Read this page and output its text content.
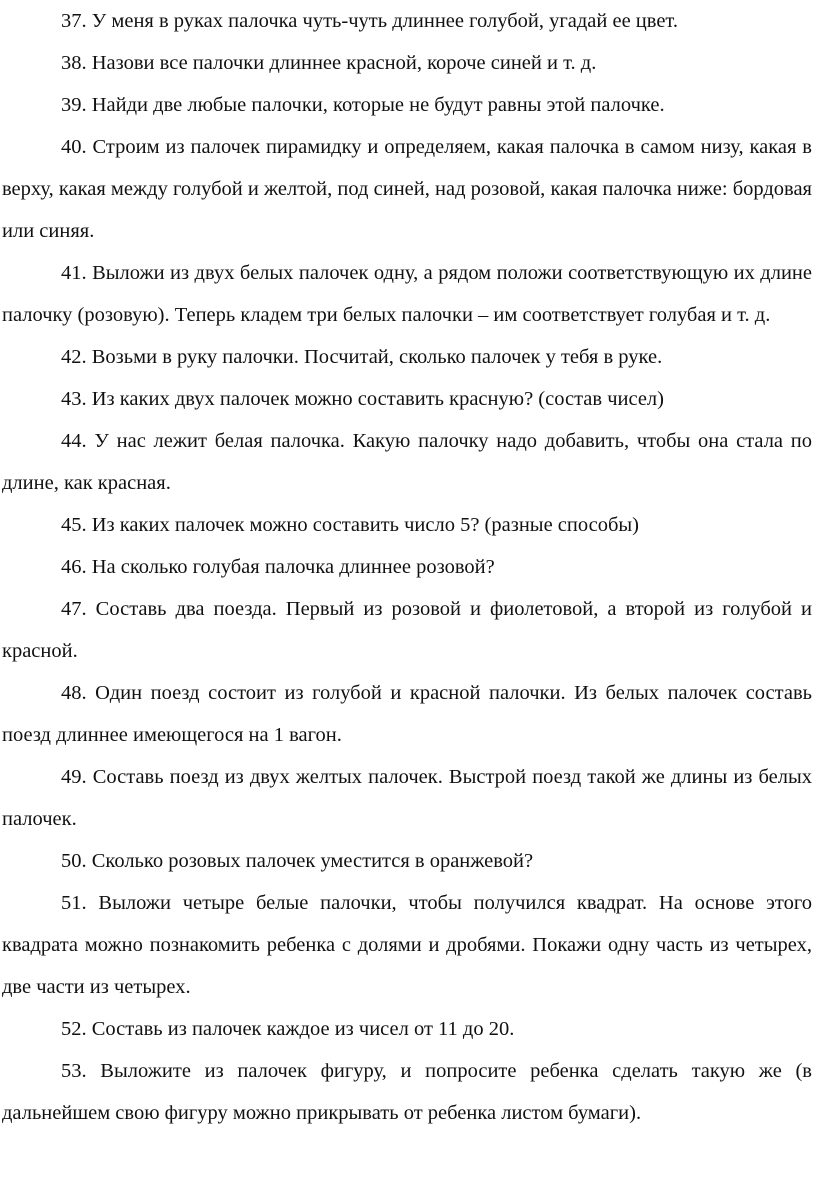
37. У меня в руках палочка чуть-чуть длиннее голубой, угадай ее цвет.

38. Назови все палочки длиннее красной, короче синей и т. д.

39. Найди две любые палочки, которые не будут равны этой палочке.

40. Строим из палочек пирамидку и определяем, какая палочка в самом низу, какая в верху, какая между голубой и желтой, под синей, над розовой, какая палочка ниже: бордовая или синяя.

41. Выложи из двух белых палочек одну, а рядом положи соответствующую их длине палочку (розовую). Теперь кладем три белых палочки – им соответствует голубая и т. д.

42. Возьми в руку палочки. Посчитай, сколько палочек у тебя в руке.

43. Из каких двух палочек можно составить красную? (состав чисел)

44. У нас лежит белая палочка. Какую палочку надо добавить, чтобы она стала по длине, как красная.

45. Из каких палочек можно составить число 5? (разные способы)

46. На сколько голубая палочка длиннее розовой?

47. Составь два поезда. Первый из розовой и фиолетовой, а второй из голубой и красной.

48. Один поезд состоит из голубой и красной палочки. Из белых палочек составь поезд длиннее имеющегося на 1 вагон.

49. Составь поезд из двух желтых палочек. Выстрой поезд такой же длины из белых палочек.

50. Сколько розовых палочек уместится в оранжевой?

51. Выложи четыре белые палочки, чтобы получился квадрат. На основе этого квадрата можно познакомить ребенка с долями и дробями. Покажи одну часть из четырех, две части из четырех.

52. Составь из палочек каждое из чисел от 11 до 20.

53. Выложите из палочек фигуру, и попросите ребенка сделать такую же (в дальнейшем свою фигуру можно прикрывать от ребенка листом бумаги).
